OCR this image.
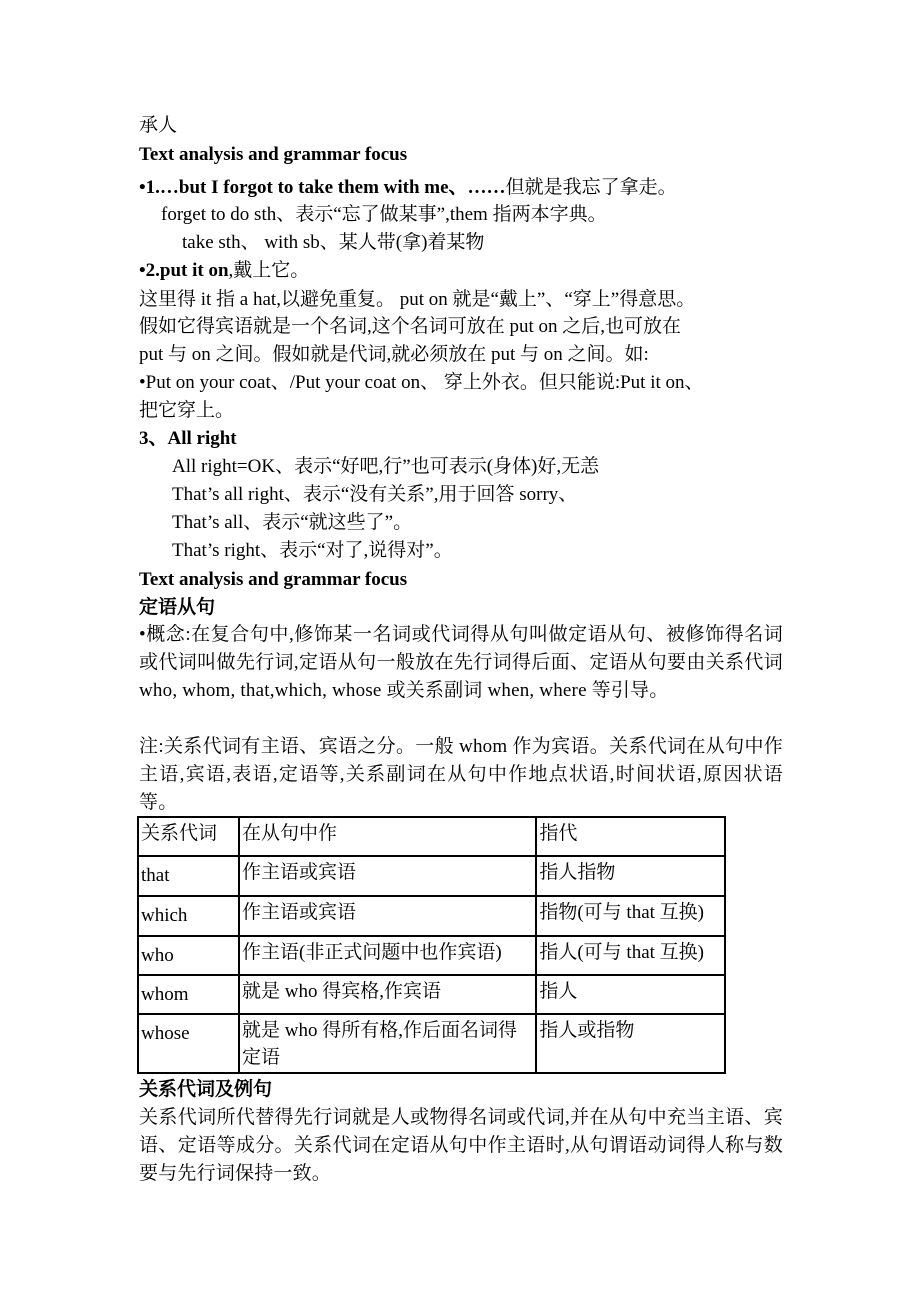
承人
Text analysis and grammar focus
•1.…but I forgot to take them with me、……但就是我忘了拿走。
forget to do sth、表示“忘了做某事”,them 指两本字典。
take sth、 with sb、某人带(拿)着某物
•2.put it on,戴上它。
这里得 it 指 a hat,以避免重复。 put on 就是“戴上”、“穿上”得意思。
假如它得宾语就是一个名词,这个名词可放在 put on 之后,也可放在
put 与 on 之间。假如就是代词,就必须放在 put 与 on 之间。如:
•Put on your coat、/Put your coat on、 穿上外衣。但只能说:Put it on、
把它穿上。
3、All right
All right=OK、表示“好吧,行”也可表示(身体)好,无恙
That’s all right、表示“没有关系”,用于回答 sorry、
That’s all、表示“就这些了”。
That’s right、表示“对了,说得对”。
Text analysis and grammar focus
定语从句
•概念:在复合句中,修饰某一名词或代词得从句叫做定语从句、被修饰得名词或代词叫做先行词,定语从句一般放在先行词得后面、定语从句要由关系代词 who, whom, that,which, whose 或关系副词 when, where 等引导。
注:关系代词有主语、宾语之分。一般 whom 作为宾语。关系代词在从句中作主语,宾语,表语,定语等,关系副词在从句中作地点状语,时间状语,原因状语等。
关系代词	在从句中作	指代
that	作主语或宾语	指人指物
which	作主语或宾语	指物(可与 that 互换)
who	作主语(非正式问题中也作宾语)	指人(可与 that 互换)
whom	就是 who 得宾格,作宾语	指人
whose	就是 who 得所有格,作后面名词得定语	指人或指物
关系代词及例句
关系代词所代替得先行词就是人或物得名词或代词,并在从句中充当主语、宾语、定语等成分。关系代词在定语从句中作主语时,从句谓语动词得人称与数要与先行词保持一致。
